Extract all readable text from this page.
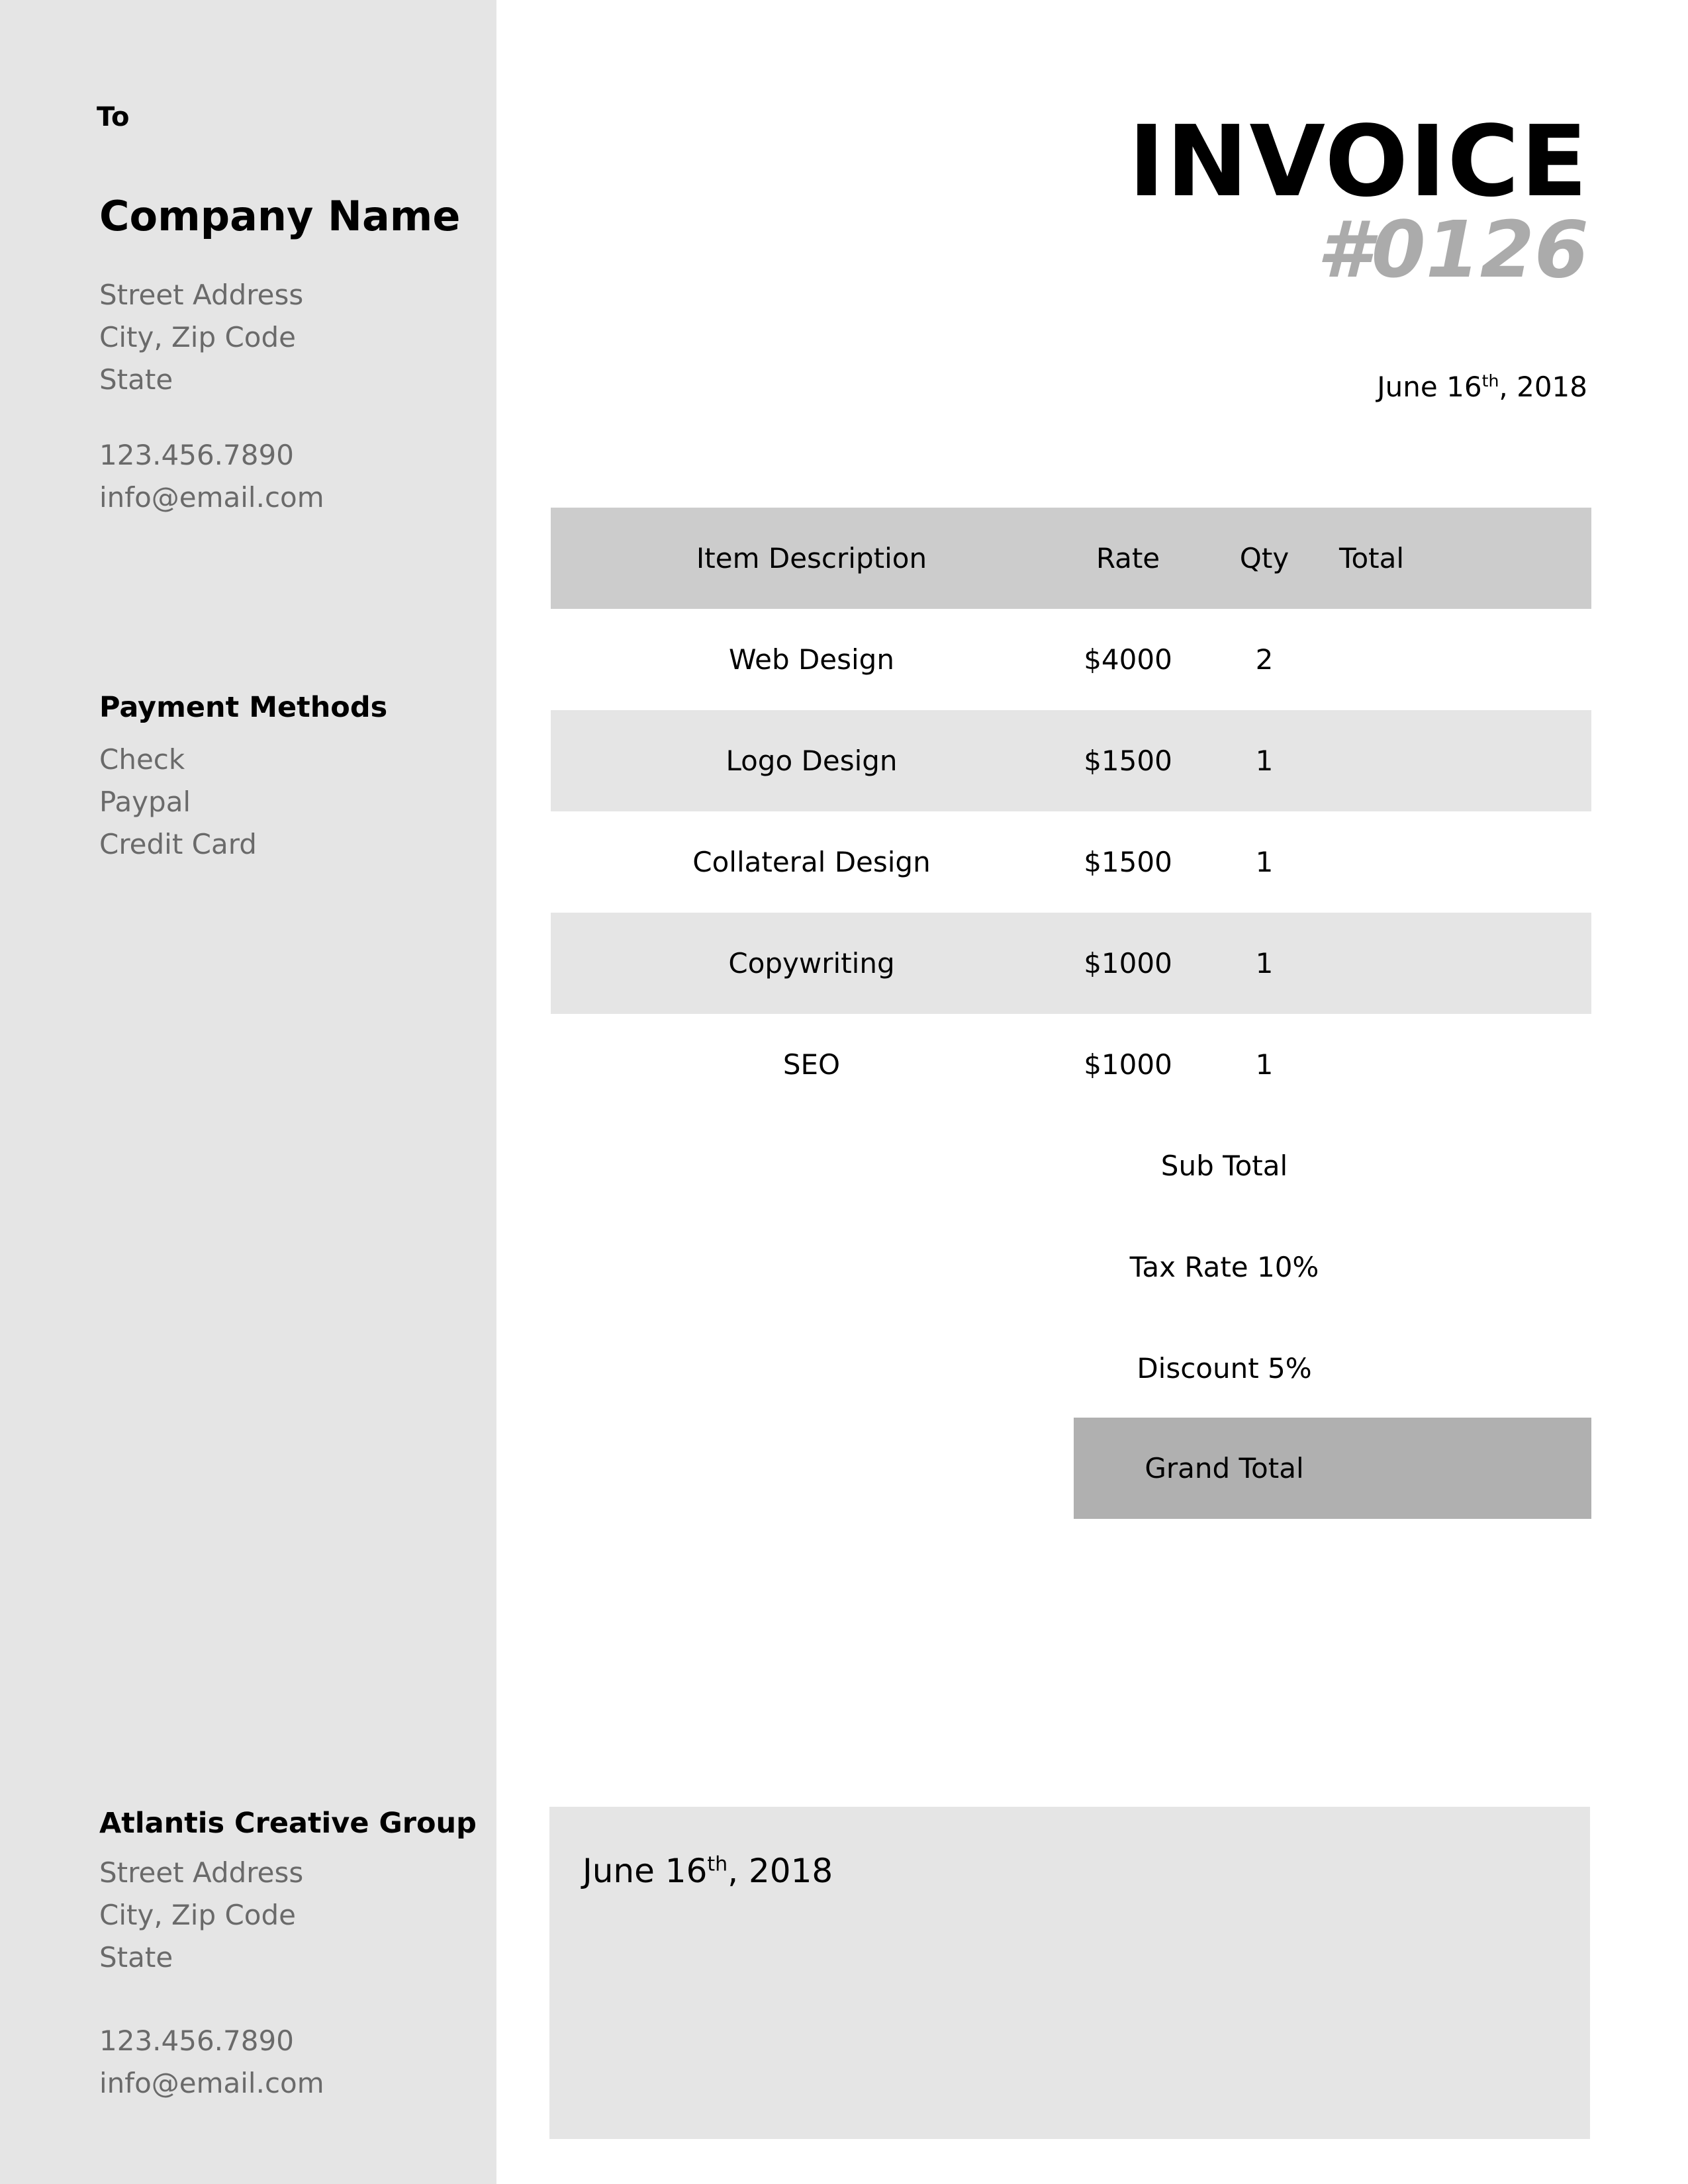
To
Company Name
Street Address
City, Zip Code
State
123.456.7890
info@email.com
Payment Methods
Check
Paypal
Credit Card
Atlantis Creative Group
Street Address
City, Zip Code
State
123.456.7890
info@email.com
INVOICE
#0126
June 16th, 2018
Item Description	Rate	Qty	Total
Web Design	$4000	2
Logo Design	$1500	1
Collateral Design	$1500	1
Copywriting	$1000	1
SEO	$1000	1
Sub Total
Tax Rate 10%
Discount 5%
Grand Total
June 16th, 2018
